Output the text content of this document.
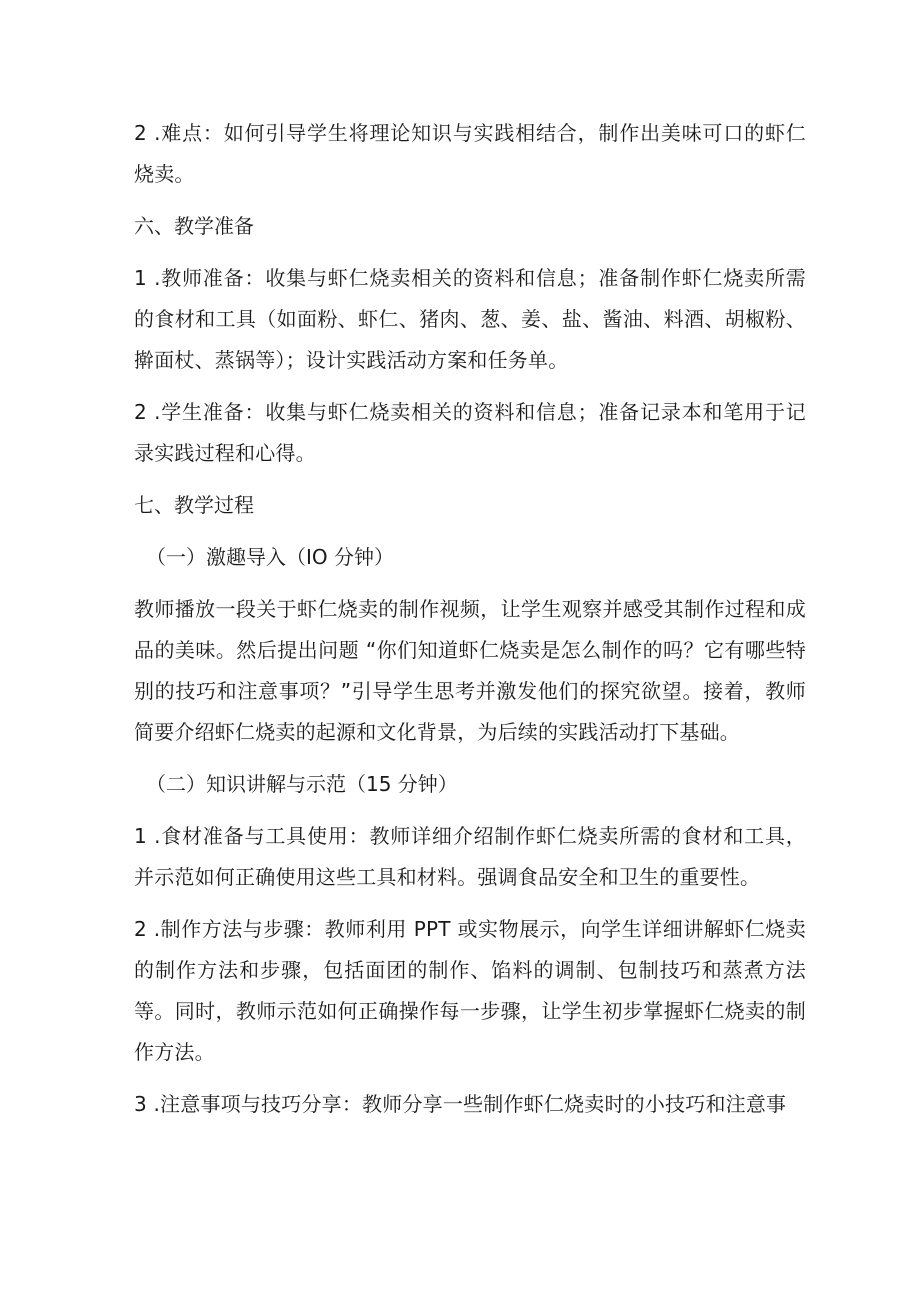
2 .难点：如何引导学生将理论知识与实践相结合，制作出美味可口的虾仁烧卖。

六、教学准备

1 .教师准备：收集与虾仁烧卖相关的资料和信息；准备制作虾仁烧卖所需的食材和工具（如面粉、虾仁、猪肉、葱、姜、盐、酱油、料酒、胡椒粉、擀面杖、蒸锅等）；设计实践活动方案和任务单。

2 .学生准备：收集与虾仁烧卖相关的资料和信息；准备记录本和笔用于记录实践过程和心得。

七、教学过程

（一）激趣导入（IO 分钟）

教师播放一段关于虾仁烧卖的制作视频，让学生观察并感受其制作过程和成品的美味。然后提出问题 “你们知道虾仁烧卖是怎么制作的吗？它有哪些特别的技巧和注意事项？”引导学生思考并激发他们的探究欲望。接着，教师简要介绍虾仁烧卖的起源和文化背景，为后续的实践活动打下基础。

（二）知识讲解与示范（15 分钟）

1 .食材准备与工具使用：教师详细介绍制作虾仁烧卖所需的食材和工具，并示范如何正确使用这些工具和材料。强调食品安全和卫生的重要性。

2 .制作方法与步骤：教师利用 PPT 或实物展示，向学生详细讲解虾仁烧卖的制作方法和步骤，包括面团的制作、馅料的调制、包制技巧和蒸煮方法等。同时，教师示范如何正确操作每一步骤，让学生初步掌握虾仁烧卖的制作方法。

3 .注意事项与技巧分享：教师分享一些制作虾仁烧卖时的小技巧和注意事
